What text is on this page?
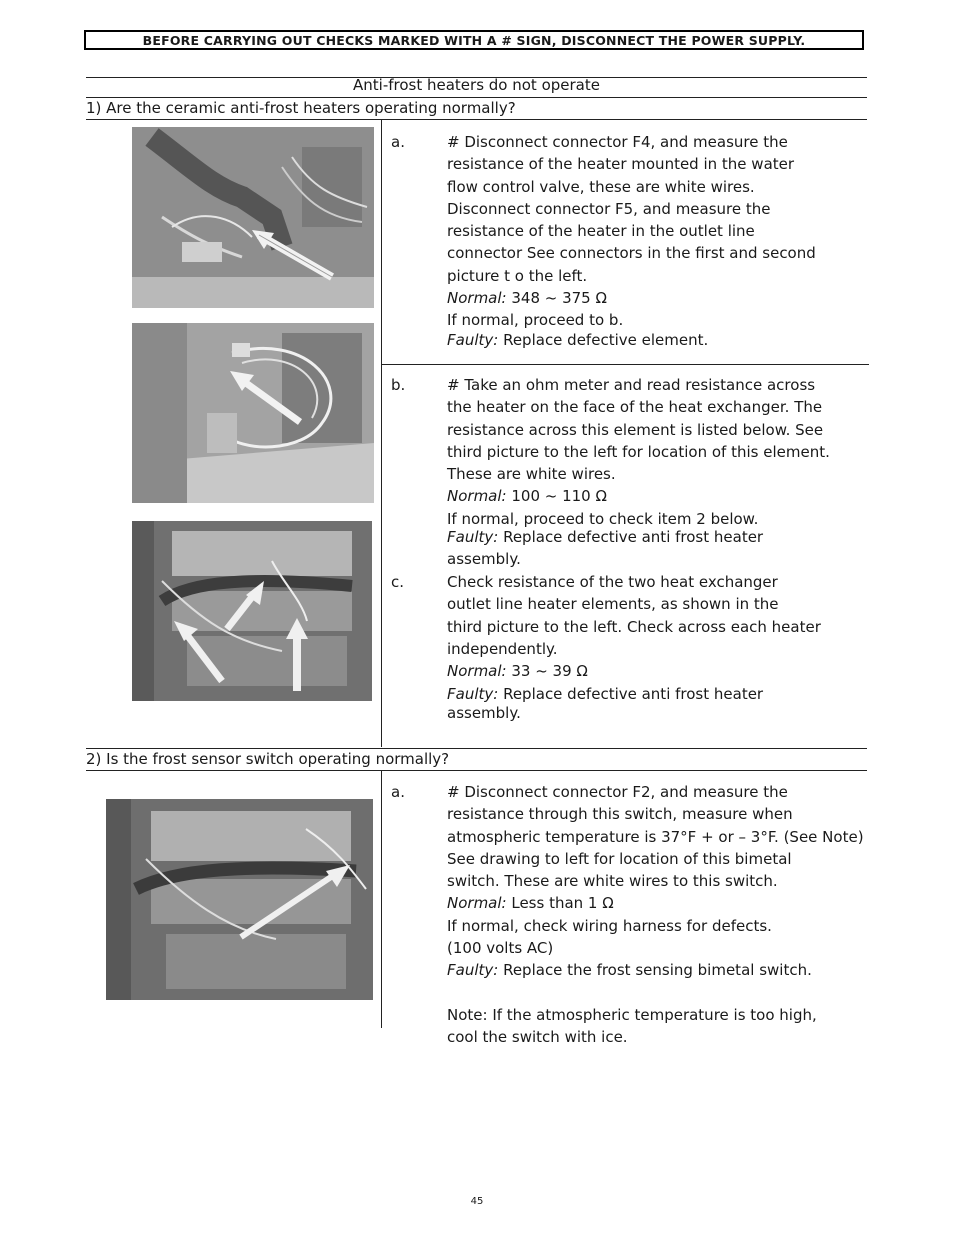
BEFORE CARRYING OUT CHECKS MARKED WITH A # SIGN, DISCONNECT THE POWER SUPPLY.
Anti-frost heaters do not operate
1) Are the ceramic anti-frost heaters operating normally?
a.	# Disconnect connector F4, and measure the
resistance of the heater mounted in the water
flow control valve, these are white wires.
Disconnect connector F5, and measure the
resistance of the heater in the outlet line
connector See connectors in the first and second
picture t o the left.
Normal: 348 ~ 375 Ω
If normal, proceed to b.
Faulty: Replace defective element.
b.	# Take an ohm meter and read resistance across
the heater on the face of the heat exchanger. The
resistance across this element is listed below. See
third picture to the left for location of this element.
These are white wires.
Normal: 100 ~ 110 Ω
If normal, proceed to check item 2 below.
Faulty: Replace defective anti frost heater
assembly.
c.	Check resistance of the two heat exchanger
outlet line heater elements, as shown in the
third picture to the left. Check across each heater
independently.
Normal: 33 ~ 39 Ω
Faulty: Replace defective anti frost heater
assembly.
2) Is the frost sensor switch operating normally?
a.	# Disconnect connector F2, and measure the
resistance through this switch, measure when
atmospheric temperature is 37°F + or – 3°F. (See Note)
See drawing to left for location of this bimetal
switch. These are white wires to this switch.
Normal: Less than 1 Ω
If normal, check wiring harness for defects.
(100 volts AC)
Faulty: Replace the frost sensing bimetal switch.
Note: If the atmospheric temperature is too high,
cool the switch with ice.
45
